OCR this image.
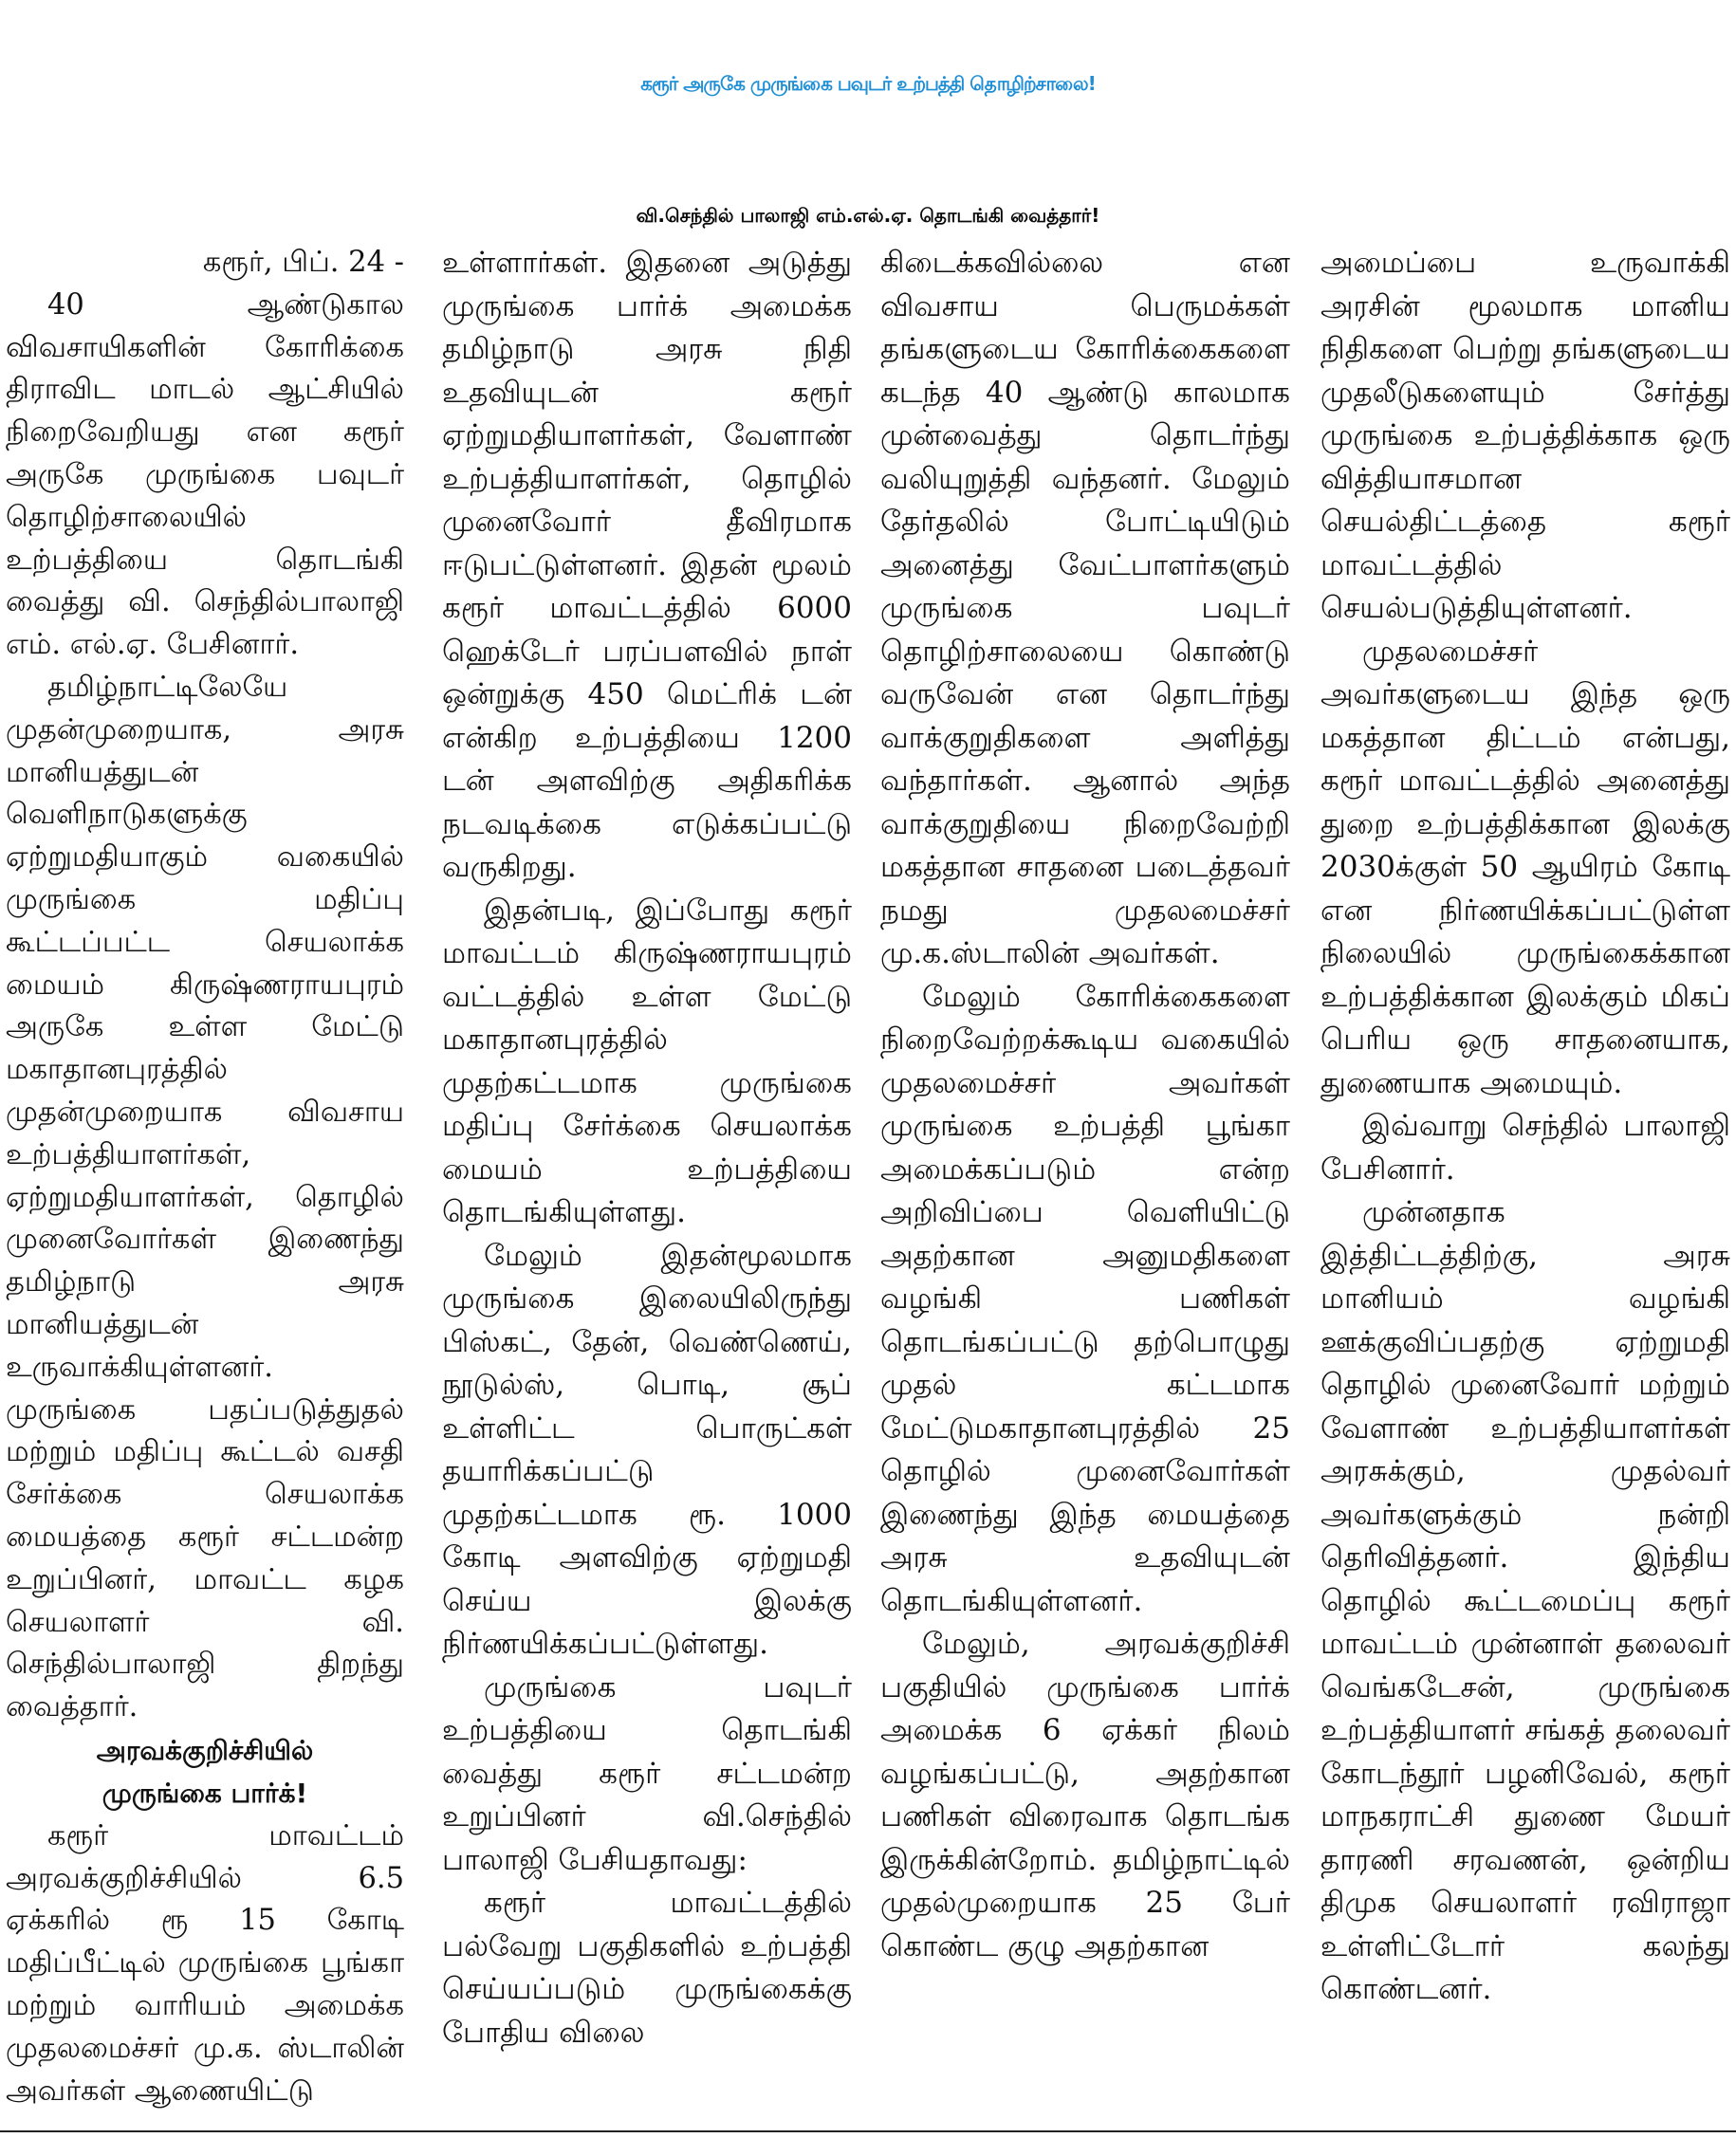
கரூர் அருகே முருங்கை பவுடர் உற்பத்தி தொழிற்சாலை!
வி.செந்தில் பாலாஜி எம்.எல்.ஏ. தொடங்கி வைத்தார்!

கரூர், பிப். 24 -

40 ஆண்டுகால விவசாயிகளின் கோரிக்கை திராவிட மாடல் ஆட்சியில் நிறைவேறியது என கரூர் அருகே முருங்கை பவுடர் தொழிற்சாலையில் உற்பத்தியை தொடங்கி வைத்து வி. செந்தில்பாலாஜி எம். எல்.ஏ. பேசினார்.

தமிழ்நாட்டிலேயே முதன்முறையாக, அரசு மானியத்துடன் வெளிநாடுகளுக்கு ஏற்றுமதியாகும் வகையில் முருங்கை மதிப்பு கூட்டப்பட்ட செயலாக்க மையம் கிருஷ்ணராயபுரம் அருகே உள்ள மேட்டு மகாதானபுரத்தில் முதன்முறையாக விவசாய உற்பத்தியாளர்கள், ஏற்றுமதியாளர்கள், தொழில் முனைவோர்கள் இணைந்து தமிழ்நாடு அரசு மானியத்துடன் உருவாக்கியுள்ளனர். முருங்கை பதப்படுத்துதல் மற்றும் மதிப்பு கூட்டல் வசதி சேர்க்கை செயலாக்க மையத்தை கரூர் சட்டமன்ற உறுப்பினர், மாவட்ட கழக செயலாளர் வி. செந்தில்பாலாஜி திறந்து வைத்தார்.

அரவக்குறிச்சியில்
முருங்கை பார்க்!

கரூர் மாவட்டம் அரவக்குறிச்சியில் 6.5 ஏக்கரில் ரூ 15 கோடி மதிப்பீட்டில் முருங்கை பூங்கா மற்றும் வாரியம் அமைக்க முதலமைச்சர் மு.க. ஸ்டாலின் அவர்கள் ஆணையிட்டு

உள்ளார்கள். இதனை அடுத்து முருங்கை பார்க் அமைக்க தமிழ்நாடு அரசு நிதி உதவியுடன் கரூர் ஏற்றுமதியாளர்கள், வேளாண் உற்பத்தியாளர்கள், தொழில் முனைவோர் தீவிரமாக ஈடுபட்டுள்ளனர். இதன் மூலம் கரூர் மாவட்டத்தில் 6000 ஹெக்டேர் பரப்பளவில் நாள் ஒன்றுக்கு 450 மெட்ரிக் டன் என்கிற உற்பத்தியை 1200 டன் அளவிற்கு அதிகரிக்க நடவடிக்கை எடுக்கப்பட்டு வருகிறது.

இதன்படி, இப்போது கரூர் மாவட்டம் கிருஷ்ணராயபுரம் வட்டத்தில் உள்ள மேட்டு மகாதானபுரத்தில் முதற்கட்டமாக முருங்கை மதிப்பு சேர்க்கை செயலாக்க மையம் உற்பத்தியை தொடங்கியுள்ளது.

மேலும் இதன்மூலமாக முருங்கை இலையிலிருந்து பிஸ்கட், தேன், வெண்ணெய், நூடுல்ஸ், பொடி, சூப் உள்ளிட்ட பொருட்கள் தயாரிக்கப்பட்டு முதற்கட்டமாக ரூ. 1000 கோடி அளவிற்கு ஏற்றுமதி செய்ய இலக்கு நிர்ணயிக்கப்பட்டுள்ளது.

முருங்கை பவுடர் உற்பத்தியை தொடங்கி வைத்து கரூர் சட்டமன்ற உறுப்பினர் வி.செந்தில் பாலாஜி பேசியதாவது:

கரூர் மாவட்டத்தில் பல்வேறு பகுதிகளில் உற்பத்தி செய்யப்படும் முருங்கைக்கு போதிய விலை

கிடைக்கவில்லை என விவசாய பெருமக்கள் தங்களுடைய கோரிக்கைகளை கடந்த 40 ஆண்டு காலமாக முன்வைத்து தொடர்ந்து வலியுறுத்தி வந்தனர். மேலும் தேர்தலில் போட்டியிடும் அனைத்து வேட்பாளர்களும் முருங்கை பவுடர் தொழிற்சாலையை கொண்டு வருவேன் என தொடர்ந்து வாக்குறுதிகளை அளித்து வந்தார்கள். ஆனால் அந்த வாக்குறுதியை நிறைவேற்றி மகத்தான சாதனை படைத்தவர் நமது முதலமைச்சர் மு.க.ஸ்டாலின் அவர்கள்.

மேலும் கோரிக்கைகளை நிறைவேற்றக்கூடிய வகையில் முதலமைச்சர் அவர்கள் முருங்கை உற்பத்தி பூங்கா அமைக்கப்படும் என்ற அறிவிப்பை வெளியிட்டு அதற்கான அனுமதிகளை வழங்கி பணிகள் தொடங்கப்பட்டு தற்பொழுது முதல் கட்டமாக மேட்டுமகாதானபுரத்தில் 25 தொழில் முனைவோர்கள் இணைந்து இந்த மையத்தை அரசு உதவியுடன் தொடங்கியுள்ளனர்.

மேலும், அரவக்குறிச்சி பகுதியில் முருங்கை பார்க் அமைக்க 6 ஏக்கர் நிலம் வழங்கப்பட்டு, அதற்கான பணிகள் விரைவாக தொடங்க இருக்கின்றோம். தமிழ்நாட்டில் முதல்முறையாக 25 பேர் கொண்ட குழு அதற்கான

அமைப்பை உருவாக்கி அரசின் மூலமாக மானிய நிதிகளை பெற்று தங்களுடைய முதலீடுகளையும் சேர்த்து முருங்கை உற்பத்திக்காக ஒரு வித்தியாசமான செயல்திட்டத்தை கரூர் மாவட்டத்தில் செயல்படுத்தியுள்ளனர்.

முதலமைச்சர் அவர்களுடைய இந்த ஒரு மகத்தான திட்டம் என்பது, கரூர் மாவட்டத்தில் அனைத்து துறை உற்பத்திக்கான இலக்கு 2030க்குள் 50 ஆயிரம் கோடி என நிர்ணயிக்கப்பட்டுள்ள நிலையில் முருங்கைக்கான உற்பத்திக்கான இலக்கும் மிகப் பெரிய ஒரு சாதனையாக, துணையாக அமையும்.

இவ்வாறு செந்தில் பாலாஜி பேசினார்.

முன்னதாக இத்திட்டத்திற்கு, அரசு மானியம் வழங்கி ஊக்குவிப்பதற்கு ஏற்றுமதி தொழில் முனைவோர் மற்றும் வேளாண் உற்பத்தியாளர்கள் அரசுக்கும், முதல்வர் அவர்களுக்கும் நன்றி தெரிவித்தனர். இந்திய தொழில் கூட்டமைப்பு கரூர் மாவட்டம் முன்னாள் தலைவர் வெங்கடேசன், முருங்கை உற்பத்தியாளர் சங்கத் தலைவர் கோடந்தூர் பழனிவேல், கரூர் மாநகராட்சி துணை மேயர் தாரணி சரவணன், ஒன்றிய திமுக செயலாளர் ரவிராஜா உள்ளிட்டோர் கலந்து கொண்டனர்.
